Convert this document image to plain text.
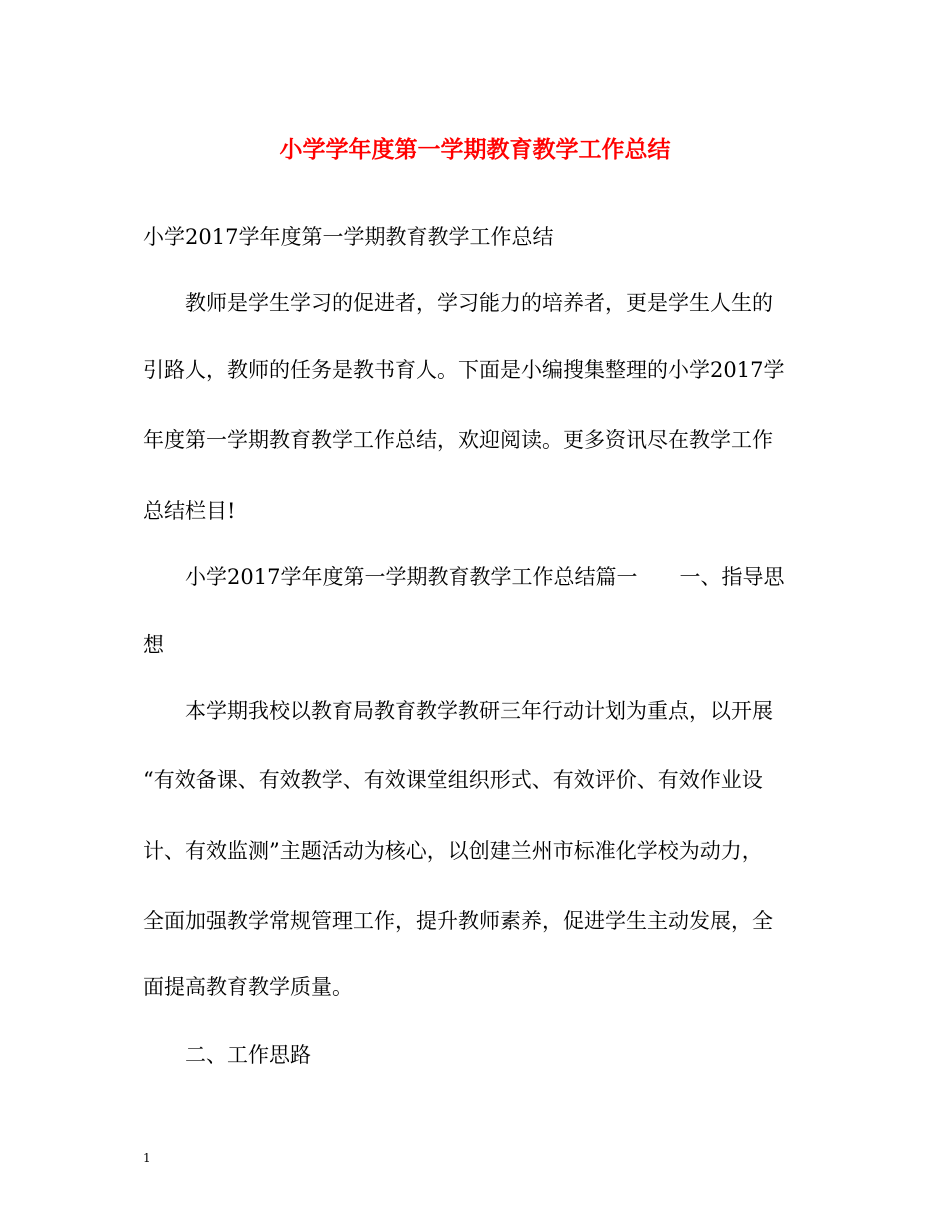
小学学年度第一学期教育教学工作总结
小学2017学年度第一学期教育教学工作总结
教师是学生学习的促进者，学习能力的培养者，更是学生人生的
引路人，教师的任务是教书育人。下面是小编搜集整理的小学2017学
年度第一学期教育教学工作总结，欢迎阅读。更多资讯尽在教学工作
总结栏目!
小学2017学年度第一学期教育教学工作总结篇一　　一、指导思
想
本学期我校以教育局教育教学教研三年行动计划为重点，以开展
“有效备课、有效教学、有效课堂组织形式、有效评价、有效作业设
计、有效监测”主题活动为核心，以创建兰州市标准化学校为动力，
全面加强教学常规管理工作，提升教师素养，促进学生主动发展，全
面提高教育教学质量。
二、工作思路
1
